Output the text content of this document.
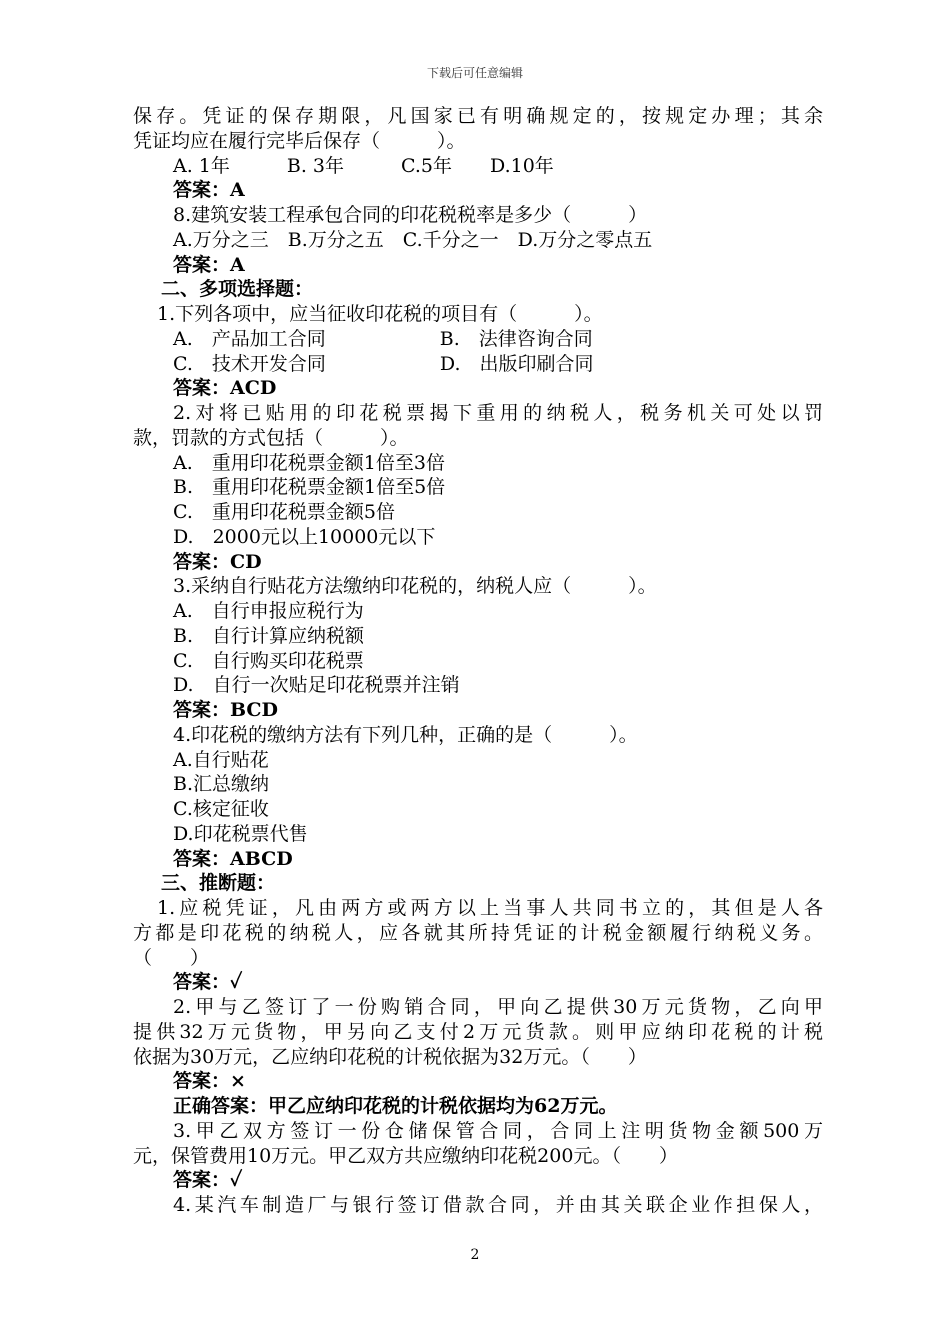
下载后可任意编辑
保存。凭证的保存期限，凡国家已有明确规定的，按规定办理；其余
凭证均应在履行完毕后保存（　　　）。
A. 1年　　　B. 3年　　　C.5年　　D.10年
答案：A
8.建筑安装工程承包合同的印花税税率是多少（　　　）
A.万分之三　B.万分之五　C.千分之一　D.万分之零点五
答案：A
二、多项选择题：
1.下列各项中，应当征收印花税的项目有（　　　）。
A.　产品加工合同　　　　　　B.　法律咨询合同
C.　技术开发合同　　　　　　D.　出版印刷合同
答案：ACD
2.对将已贴用的印花税票揭下重用的纳税人，税务机关可处以罚
款，罚款的方式包括（　　　）。
A.　重用印花税票金额1倍至3倍
B.　重用印花税票金额1倍至5倍
C.　重用印花税票金额5倍
D.　2000元以上10000元以下
答案：CD
3.采纳自行贴花方法缴纳印花税的，纳税人应（　　　）。
A.　自行申报应税行为
B.　自行计算应纳税额
C.　自行购买印花税票
D.　自行一次贴足印花税票并注销
答案：BCD
4.印花税的缴纳方法有下列几种，正确的是（　　　）。
A.自行贴花
B.汇总缴纳
C.核定征收
D.印花税票代售
答案：ABCD
三、推断题：
1.应税凭证，凡由两方或两方以上当事人共同书立的，其但是人各
方都是印花税的纳税人，应各就其所持凭证的计税金额履行纳税义务。
（　　）
答案：✓
2.甲与乙签订了一份购销合同，甲向乙提供30万元货物，乙向甲
提供32万元货物，甲另向乙支付2万元货款。则甲应纳印花税的计税
依据为30万元，乙应纳印花税的计税依据为32万元。（　　）
答案：×
正确答案：甲乙应纳印花税的计税依据均为62万元。
3.甲乙双方签订一份仓储保管合同，合同上注明货物金额500万
元，保管费用10万元。甲乙双方共应缴纳印花税200元。（　　）
答案：✓
4.某汽车制造厂与银行签订借款合同，并由其关联企业作担保人，
2
